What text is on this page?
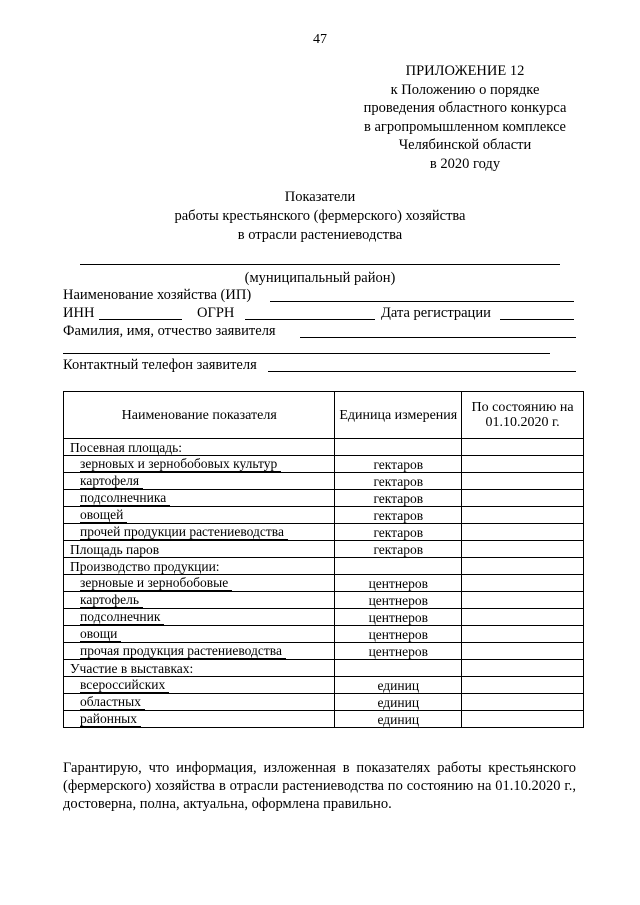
47
ПРИЛОЖЕНИЕ 12
к Положению о порядке
проведения областного конкурса
в агропромышленном комплексе
Челябинской области
в 2020 году
Показатели
работы крестьянского (фермерского) хозяйства
в отрасли растениеводства
(муниципальный район)
Наименование хозяйства (ИП)
ИНН	ОГРН	Дата регистрации
Фамилия, имя, отчество заявителя
Контактный телефон заявителя
Наименование показателя	Единица измерения	По состоянию на 01.10.2020 г.
Посевная площадь:		
зерновых и зернобобовых культур	гектаров	
картофеля	гектаров	
подсолнечника	гектаров	
овощей	гектаров	
прочей продукции растениеводства	гектаров	
Площадь паров	гектаров	
Производство продукции:		
зерновые и зернобобовые	центнеров	
картофель	центнеров	
подсолнечник	центнеров	
овощи	центнеров	
прочая продукция растениеводства	центнеров	
Участие в выставках:		
всероссийских	единиц	
областных	единиц	
районных	единиц	
Гарантирую, что информация, изложенная в показателях работы крестьянского (фермерского) хозяйства в отрасли растениеводства по состоянию на 01.10.2020 г., достоверна, полна, актуальна, оформлена правильно.
